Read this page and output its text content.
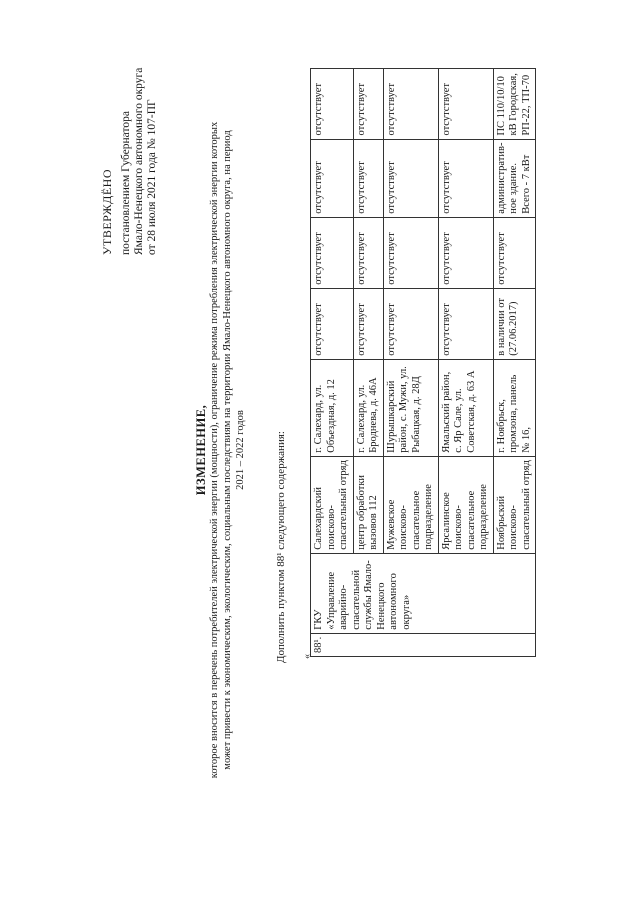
УТВЕРЖДЁНО постановлением Губернатора Ямало-Ненецкого автономного округа от 28 июля 2021 года № 107-ПГ
ИЗМЕНЕНИЕ, которое вносится в перечень потребителей электрической энергии (мощности), ограничение режима потребления электрической энергии которых может привести к экономическим, экологическим, социальным последствиям на территории Ямало-Ненецкого автономного округа, на период 2021 – 2022 годов	Дополнить пунктом 88¹ следующего содержания: «
88¹.	ГКУ «Управление аварийно-спасательной службы Ямало-Ненецкого автономного округа»	Салехардский поисково-спасательный отряд	г. Салехард, ул. Объездная, д. 12	отсутствует	отсутствует	отсутствует	отсутствует
		центр обработки вызовов 112	г. Салехард, ул. Броднева, д. 46А	отсутствует	отсутствует	отсутствует	отсутствует
		Мужевское поисково-спасательное подразделение	Шурышкарский район, с. Мужи, ул. Рыбацкая, д. 28Д	отсутствует	отсутствует	отсутствует	отсутствует
		Ярсалинское поисково-спасательное подразделение	Ямальский район, с. Яр Сале, ул. Советская, д. 63 А	отсутствует	отсутствует	отсутствует	отсутствует
		Ноябрьский поисково-спасательный отряд	г. Ноябрьск, промзона, панель № 16,	в наличии от (27.06.2017)	отсутствует	административ-ное здание. Всего - 7 кВт	ПС 110/10/10 кВ Городская, РП-22, ТП-70
